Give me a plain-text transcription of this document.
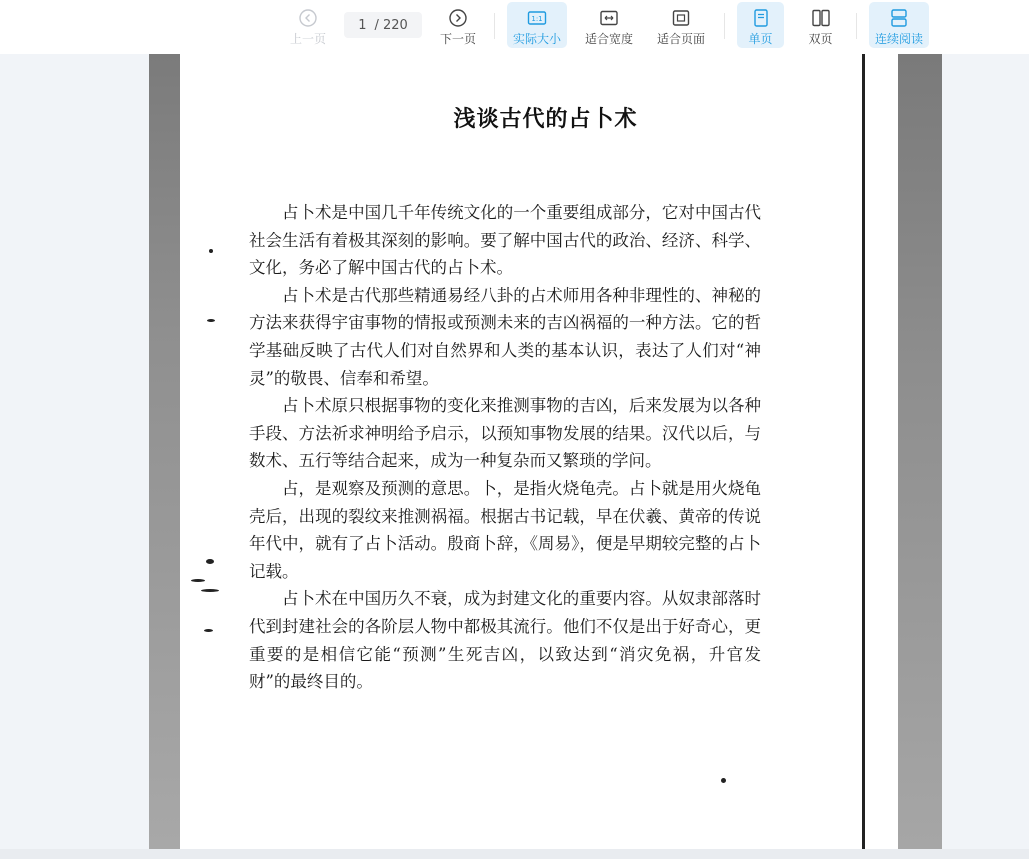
上一页
1 / 220
下一页
1:1
实际大小 适合宽度 适合页面	单页	双页	连续阅读
浅谈古代的占卜术

占卜术是中国几千年传统文化的一个重要组成部分，它对中国古代社会生活有着极其深刻的影响。要了解中国古代的政治、经济、科学、文化，务必了解中国古代的占卜术。

占卜术是古代那些精通易经八卦的占术师用各种非理性的、神秘的方法来获得宇宙事物的情报或预测未来的吉凶祸福的一种方法。它的哲学基础反映了古代人们对自然界和人类的基本认识，表达了人们对“神灵”的敬畏、信奉和希望。

占卜术原只根据事物的变化来推测事物的吉凶，后来发展为以各种手段、方法祈求神明给予启示，以预知事物发展的结果。汉代以后，与数术、五行等结合起来，成为一种复杂而又繁琐的学问。

占，是观察及预测的意思。卜，是指火烧龟壳。占卜就是用火烧龟壳后，出现的裂纹来推测祸福。根据古书记载，早在伏羲、黄帝的传说年代中，就有了占卜活动。殷商卜辞，《周易》，便是早期较完整的占卜记载。

占卜术在中国历久不衰，成为封建文化的重要内容。从奴隶部落时代到封建社会的各阶层人物中都极其流行。他们不仅是出于好奇心，更重要的是相信它能“预测”生死吉凶，以致达到“消灾免祸，升官发财”的最终目的。
